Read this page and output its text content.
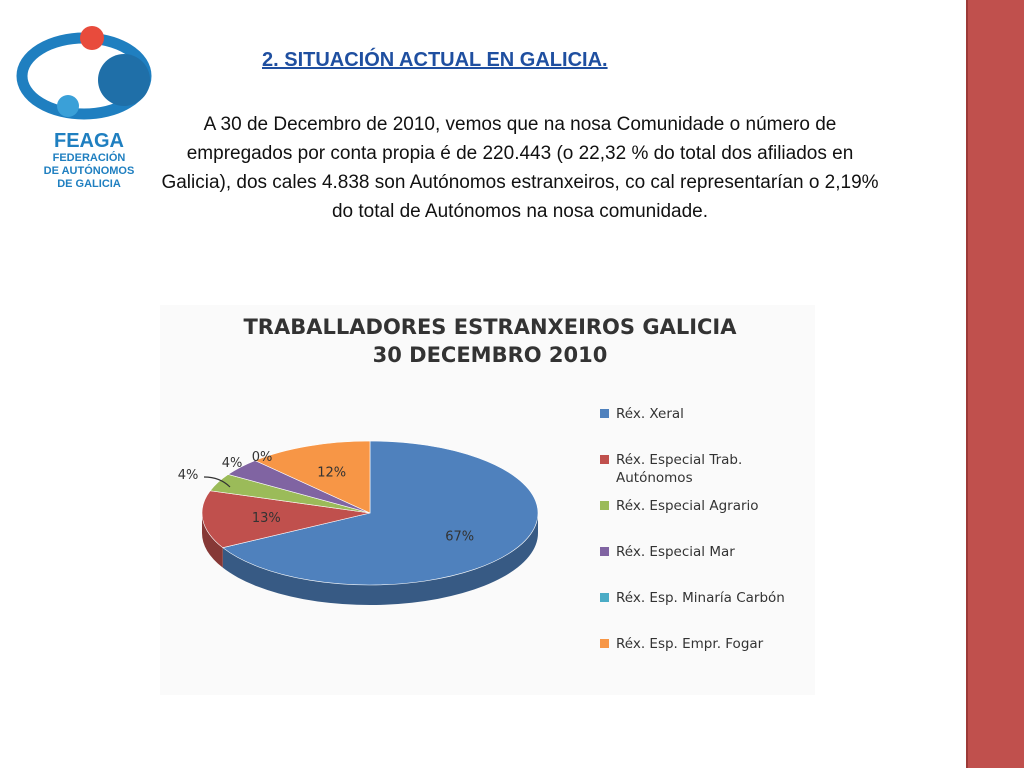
FEAGA
FEDERACIÓN
DE AUTÓNOMOS
DE GALICIA
2. SITUACIÓN ACTUAL EN GALICIA.

A 30 de Decembro de 2010, vemos que na nosa Comunidade o número de empregados por conta propia é de 220.443 (o 22,32 % do total dos afiliados en Galicia), dos cales 4.838 son Autónomos estranxeiros, co cal representarían o 2,19% do total de Autónomos na nosa comunidade.

TRABALLADORES ESTRANXEIROS GALICIA
30 DECEMBRO 2010
67%
13%
4%
4% 0%
12%
Réx. Xeral
Réx. Especial Trab. Autónomos
Réx. Especial Agrario
Réx. Especial Mar
Réx. Esp. Minaría Carbón
Réx. Esp. Empr. Fogar
